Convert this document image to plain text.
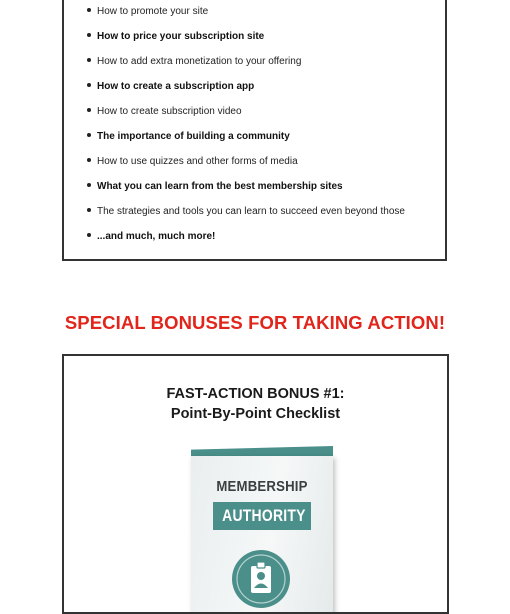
How to promote your site
How to price your subscription site
How to add extra monetization to your offering
How to create a subscription app
How to create subscription video
The importance of building a community
How to use quizzes and other forms of media
What you can learn from the best membership sites
The strategies and tools you can learn to succeed even beyond those
...and much, much more!
SPECIAL BONUSES FOR TAKING ACTION!
FAST-ACTION BONUS #1:
Point-By-Point Checklist
MEMBERSHIP
AUTHORITY
